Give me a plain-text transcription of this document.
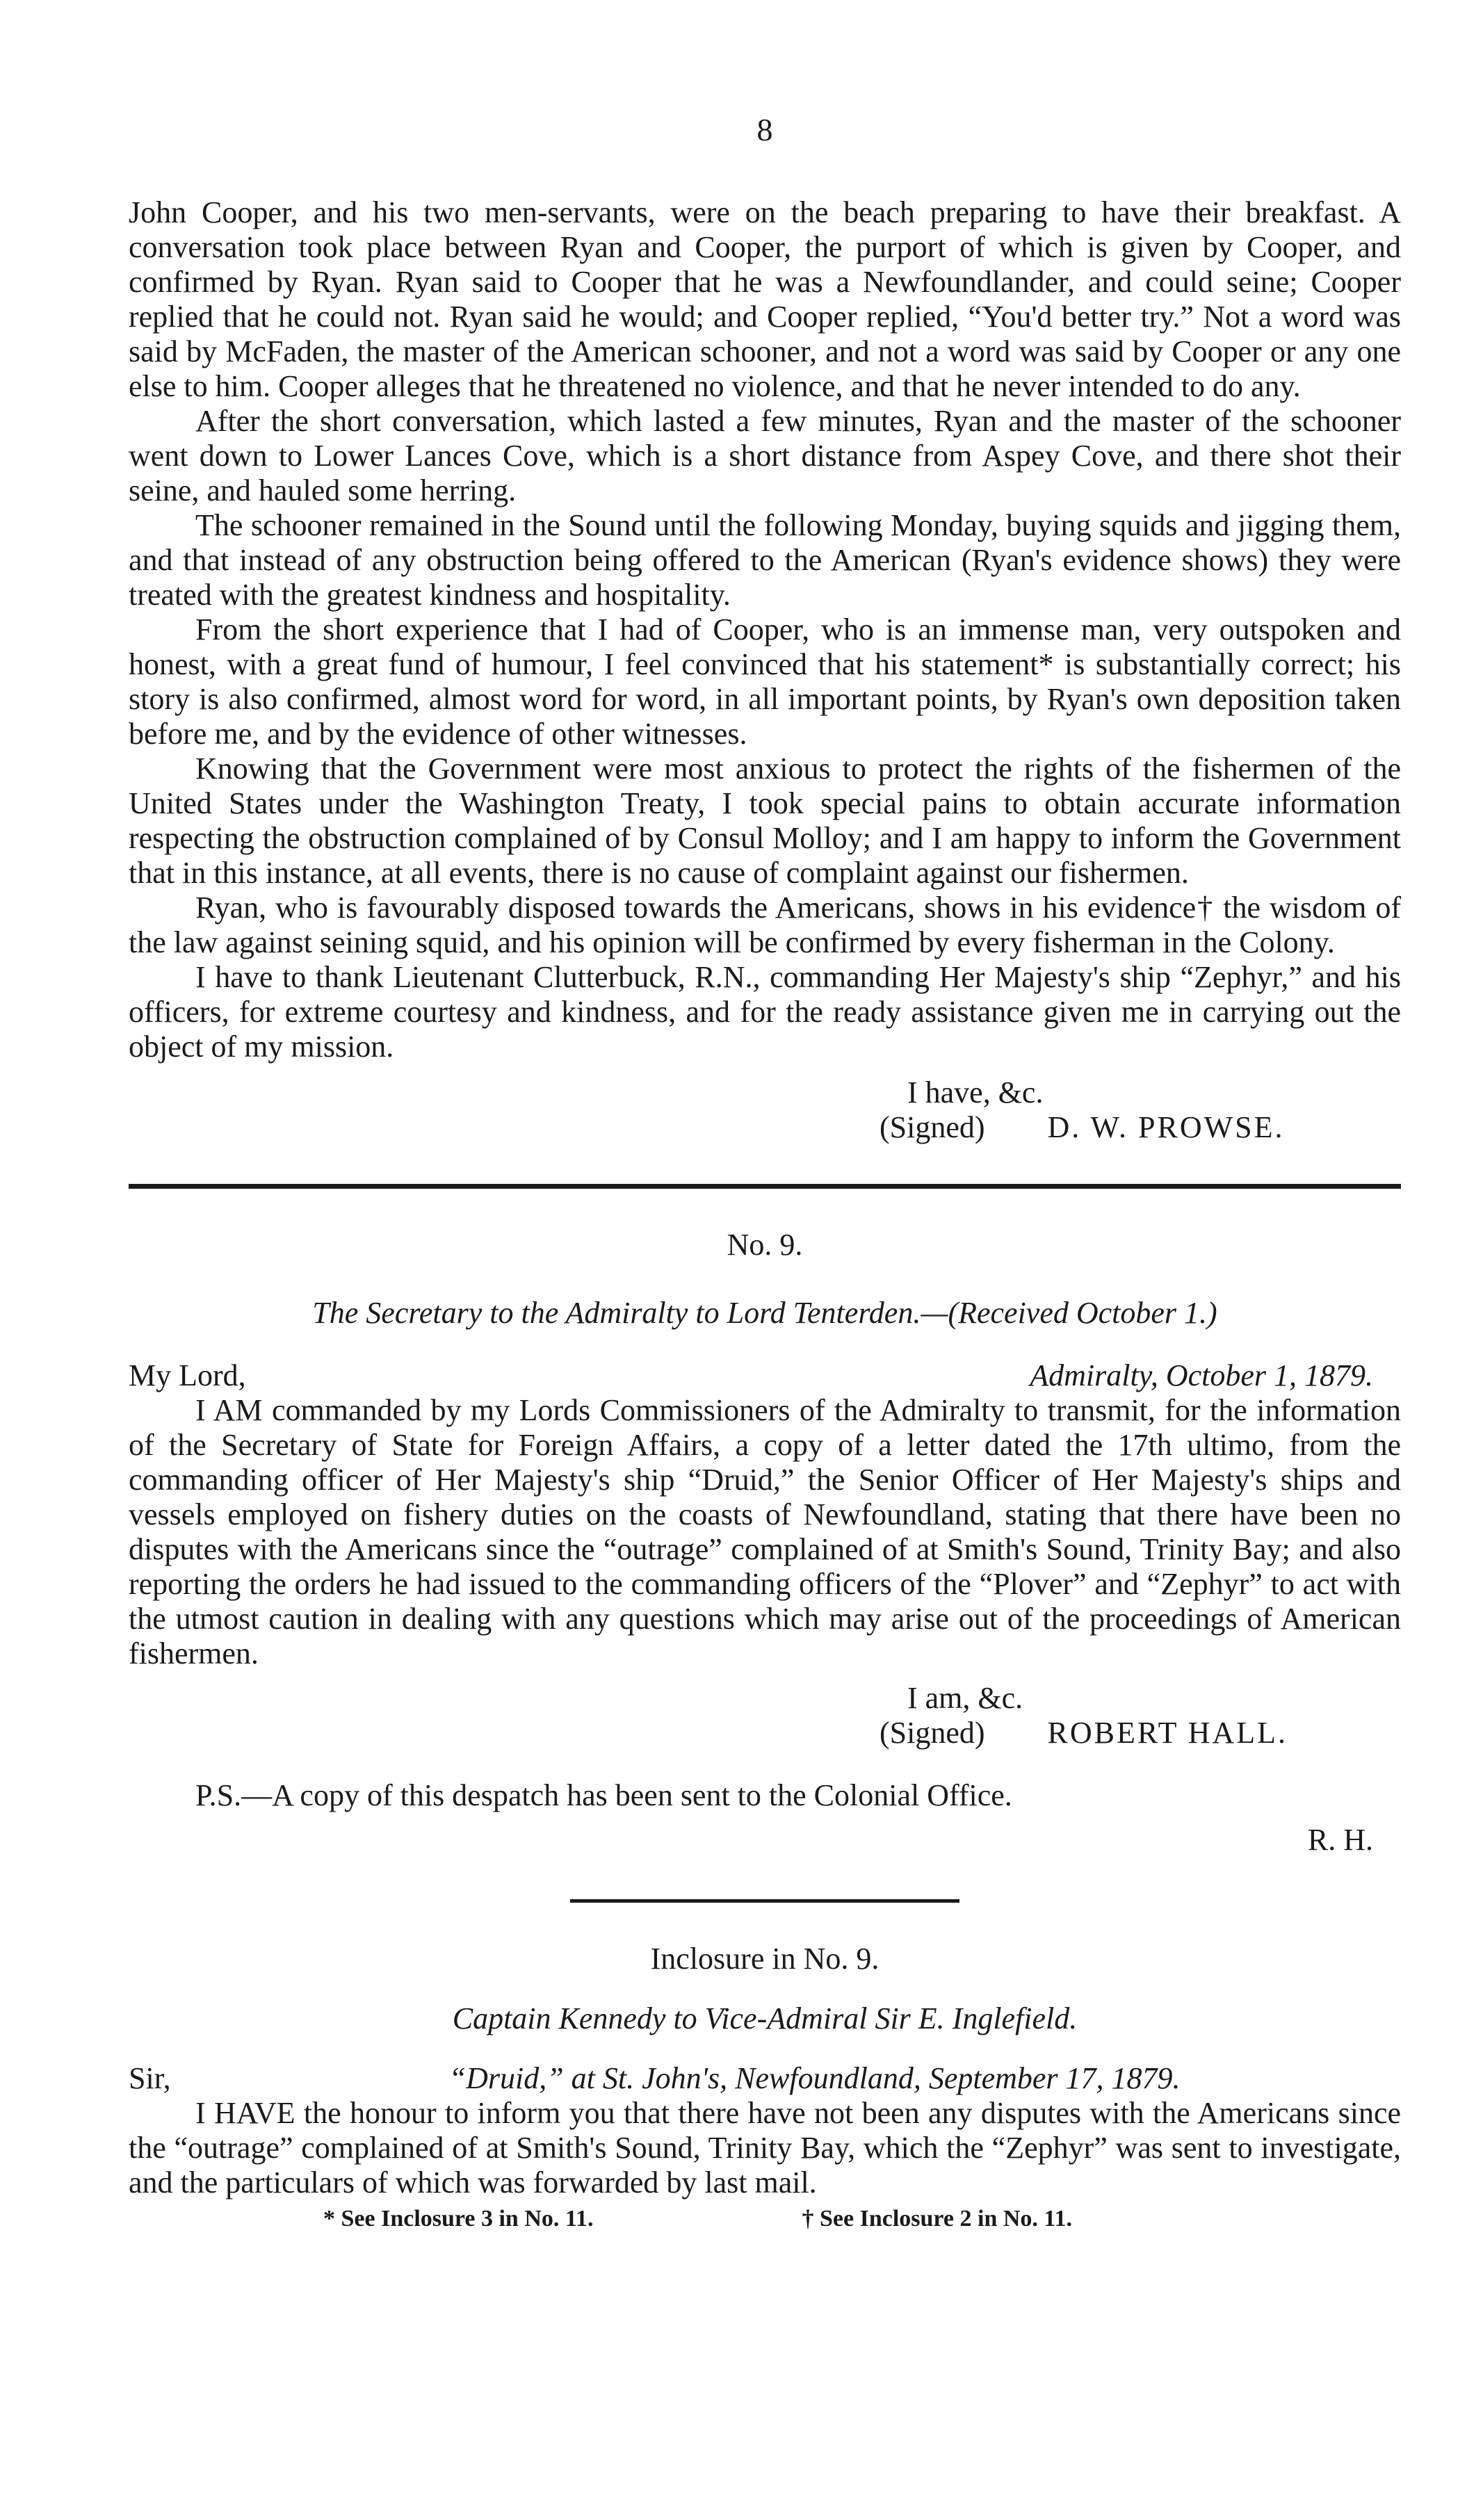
8

John Cooper, and his two men-servants, were on the beach preparing to have their breakfast. A conversation took place between Ryan and Cooper, the purport of which is given by Cooper, and confirmed by Ryan. Ryan said to Cooper that he was a Newfoundlander, and could seine; Cooper replied that he could not. Ryan said he would; and Cooper replied, “You'd better try.” Not a word was said by McFaden, the master of the American schooner, and not a word was said by Cooper or any one else to him. Cooper alleges that he threatened no violence, and that he never intended to do any.

After the short conversation, which lasted a few minutes, Ryan and the master of the schooner went down to Lower Lances Cove, which is a short distance from Aspey Cove, and there shot their seine, and hauled some herring.

The schooner remained in the Sound until the following Monday, buying squids and jigging them, and that instead of any obstruction being offered to the American (Ryan's evidence shows) they were treated with the greatest kindness and hospitality.

From the short experience that I had of Cooper, who is an immense man, very outspoken and honest, with a great fund of humour, I feel convinced that his statement* is substantially correct; his story is also confirmed, almost word for word, in all important points, by Ryan's own deposition taken before me, and by the evidence of other witnesses.

Knowing that the Government were most anxious to protect the rights of the fishermen of the United States under the Washington Treaty, I took special pains to obtain accurate information respecting the obstruction complained of by Consul Molloy; and I am happy to inform the Government that in this instance, at all events, there is no cause of complaint against our fishermen.

Ryan, who is favourably disposed towards the Americans, shows in his evidence† the wisdom of the law against seining squid, and his opinion will be confirmed by every fisherman in the Colony.

I have to thank Lieutenant Clutterbuck, R.N., commanding Her Majesty's ship “Zephyr,” and his officers, for extreme courtesy and kindness, and for the ready assistance given me in carrying out the object of my mission.

I have, &c.
(Signed) D. W. PROWSE.
No. 9.
The Secretary to the Admiralty to Lord Tenterden.—(Received October 1.)
My Lord,	Admiralty, October 1, 1879.

I AM commanded by my Lords Commissioners of the Admiralty to transmit, for the information of the Secretary of State for Foreign Affairs, a copy of a letter dated the 17th ultimo, from the commanding officer of Her Majesty's ship “Druid,” the Senior Officer of Her Majesty's ships and vessels employed on fishery duties on the coasts of Newfoundland, stating that there have been no disputes with the Americans since the “outrage” complained of at Smith's Sound, Trinity Bay; and also reporting the orders he had issued to the commanding officers of the “Plover” and “Zephyr” to act with the utmost caution in dealing with any questions which may arise out of the proceedings of American fishermen.

I am, &c.
(Signed) ROBERT HALL.
P.S.—A copy of this despatch has been sent to the Colonial Office.
R. H.
Inclosure in No. 9.
Captain Kennedy to Vice-Admiral Sir E. Inglefield.
Sir,	“Druid,” at St. John's, Newfoundland, September 17, 1879.

I HAVE the honour to inform you that there have not been any disputes with the Americans since the “outrage” complained of at Smith's Sound, Trinity Bay, which the “Zephyr” was sent to investigate, and the particulars of which was forwarded by last mail.

* See Inclosure 3 in No. 11.	† See Inclosure 2 in No. 11.
